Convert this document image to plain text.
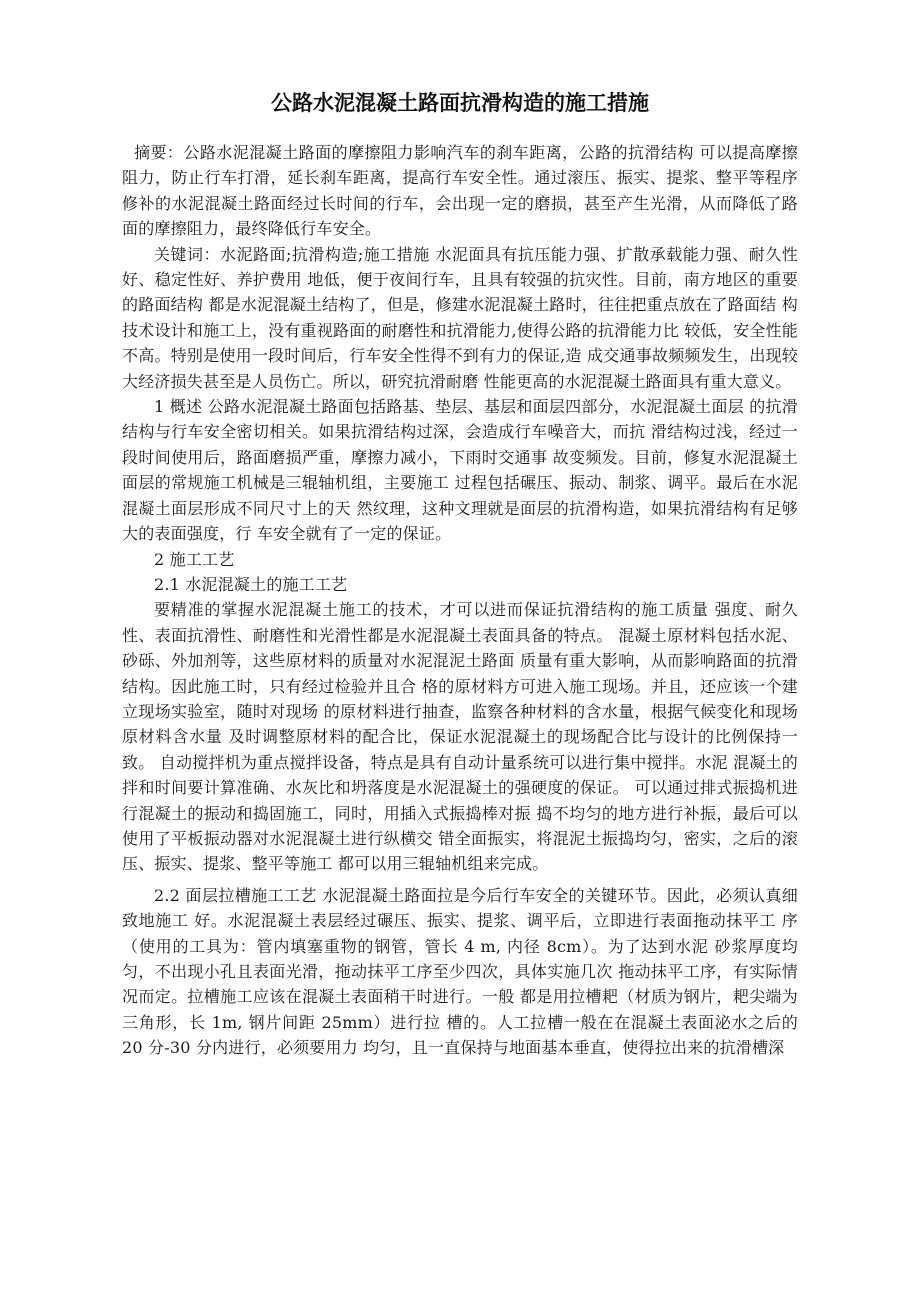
公路水泥混凝土路面抗滑构造的施工措施

摘要：公路水泥混凝土路面的摩擦阻力影响汽车的刹车距离，公路的抗滑结构 可以提高摩擦阻力，防止行车打滑，延长刹车距离，提高行车安全性。通过滚压、振实、提浆、整平等程序修补的水泥混凝土路面经过长时间的行车，会出现一定的磨损，甚至产生光滑，从而降低了路面的摩擦阻力，最终降低行车安全。

关键词：水泥路面;抗滑构造;施工措施 水泥面具有抗压能力强、扩散承载能力强、耐久性好、稳定性好、养护费用 地低，便于夜间行车，且具有较强的抗灾性。目前，南方地区的重要的路面结构 都是水泥混凝土结构了，但是，修建水泥混凝土路时，往往把重点放在了路面结 构技术设计和施工上，没有重视路面的耐磨性和抗滑能力,使得公路的抗滑能力比 较低，安全性能不高。特别是使用一段时间后，行车安全性得不到有力的保证,造 成交通事故频频发生，出现较大经济损失甚至是人员伤亡。所以，研究抗滑耐磨 性能更高的水泥混凝土路面具有重大意义。

1 概述 公路水泥混凝土路面包括路基、垫层、基层和面层四部分，水泥混凝土面层 的抗滑结构与行车安全密切相关。如果抗滑结构过深，会造成行车噪音大，而抗 滑结构过浅，经过一段时间使用后，路面磨损严重，摩擦力减小，下雨时交通事 故变频发。目前，修复水泥混凝土面层的常规施工机械是三辊轴机组，主要施工 过程包括碾压、振动、制浆、调平。最后在水泥混凝土面层形成不同尺寸上的天 然纹理，这种文理就是面层的抗滑构造，如果抗滑结构有足够大的表面强度，行 车安全就有了一定的保证。

2 施工工艺

2.1 水泥混凝土的施工工艺

要精准的掌握水泥混凝土施工的技术，才可以进而保证抗滑结构的施工质量 强度、耐久性、表面抗滑性、耐磨性和光滑性都是水泥混凝土表面具备的特点。 混凝土原材料包括水泥、砂砾、外加剂等，这些原材料的质量对水泥混泥土路面 质量有重大影响，从而影响路面的抗滑结构。因此施工时，只有经过检验并且合 格的原材料方可进入施工现场。并且，还应该一个建立现场实验室，随时对现场 的原材料进行抽查，监察各种材料的含水量，根据气候变化和现场原材料含水量 及时调整原材料的配合比，保证水泥混凝土的现场配合比与设计的比例保持一致。 自动搅拌机为重点搅拌设备，特点是具有自动计量系统可以进行集中搅拌。水泥 混凝土的拌和时间要计算准确、水灰比和坍落度是水泥混凝土的强硬度的保证。 可以通过排式振捣机进行混凝土的振动和捣固施工，同时，用插入式振捣棒对振 捣不均匀的地方进行补振，最后可以使用了平板振动器对水泥混凝土进行纵横交 错全面振实，将混泥土振捣均匀，密实，之后的滚压、振实、提浆、整平等施工 都可以用三辊轴机组来完成。

2.2 面层拉槽施工工艺 水泥混凝土路面拉是今后行车安全的关键环节。因此，必须认真细致地施工 好。水泥混凝土表层经过碾压、振实、提浆、调平后，立即进行表面拖动抹平工 序（使用的工具为：管内填塞重物的钢管，管长 4 m, 内径 8cm）。为了达到水泥 砂浆厚度均匀，不出现小孔且表面光滑，拖动抹平工序至少四次，具体实施几次 拖动抹平工序，有实际情况而定。拉槽施工应该在混凝土表面稍干时进行。一般 都是用拉槽耙（材质为钢片，耙尖端为三角形，长 1m, 钢片间距 25mm）进行拉 槽的。人工拉槽一般在在混凝土表面泌水之后的 20 分-30 分内进行，必须要用力 均匀，且一直保持与地面基本垂直，使得拉出来的抗滑槽深
